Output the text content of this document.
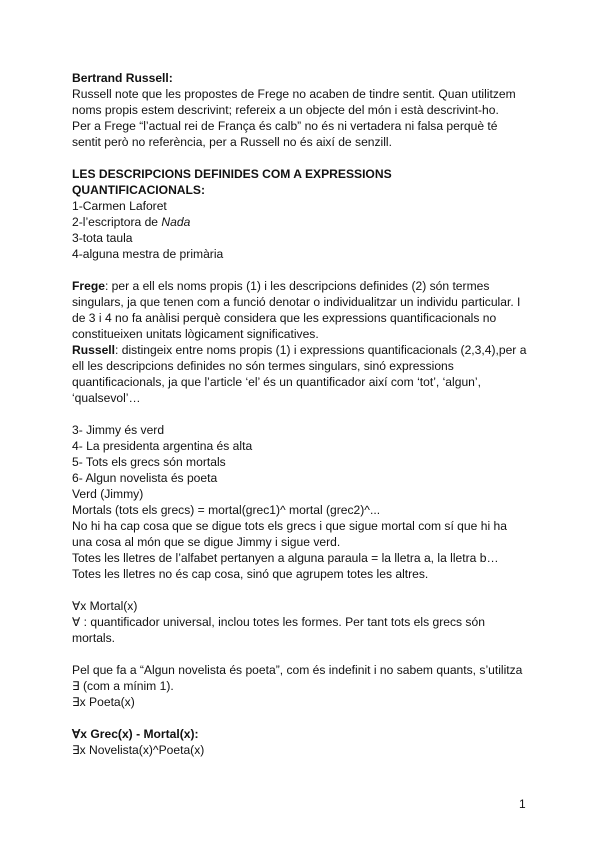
Bertrand Russell:
Russell note que les propostes de Frege no acaben de tindre sentit. Quan utilitzem
noms propis estem descrivint; refereix a un objecte del món i està descrivint-ho.
Per a Frege “l’actual rei de França és calb” no és ni vertadera ni falsa perquè té
sentit però no referència, per a Russell no és així de senzill.
LES DESCRIPCIONS DEFINIDES COM A EXPRESSIONS
QUANTIFICACIONALS:
1-Carmen Laforet
2-l’escriptora de Nada
3-tota taula
4-alguna mestra de primària
Frege: per a ell els noms propis (1) i les descripcions definides (2) són termes
singulars, ja que tenen com a funció denotar o individualitzar un individu particular. I
de 3 i 4 no fa anàlisi perquè considera que les expressions quantificacionals no
constitueixen unitats lògicament significatives.
Russell: distingeix entre noms propis (1) i expressions quantificacionals (2,3,4),per a
ell les descripcions definides no són termes singulars, sinó expressions
quantificacionals, ja que l’article ‘el’ és un quantificador així com ‘tot’, ‘algun’,
‘qualsevol’…
3- Jimmy és verd
4- La presidenta argentina és alta
5- Tots els grecs són mortals
6- Algun novelista és poeta
Verd (Jimmy)
Mortals (tots els grecs) = mortal(grec1)^ mortal (grec2)^...
No hi ha cap cosa que se digue tots els grecs i que sigue mortal com sí que hi ha
una cosa al món que se digue Jimmy i sigue verd.
Totes les lletres de l’alfabet pertanyen a alguna paraula = la lletra a, la lletra b…
Totes les lletres no és cap cosa, sinó que agrupem totes les altres.
∀x Mortal(x)
∀ : quantificador universal, inclou totes les formes. Per tant tots els grecs són
mortals.
Pel que fa a “Algun novelista és poeta”, com és indefinit i no sabem quants, s’utilitza
∃ (com a mínim 1).
∃x Poeta(x)
∀x Grec(x) - Mortal(x):
∃x Novelista(x)^Poeta(x)
1
